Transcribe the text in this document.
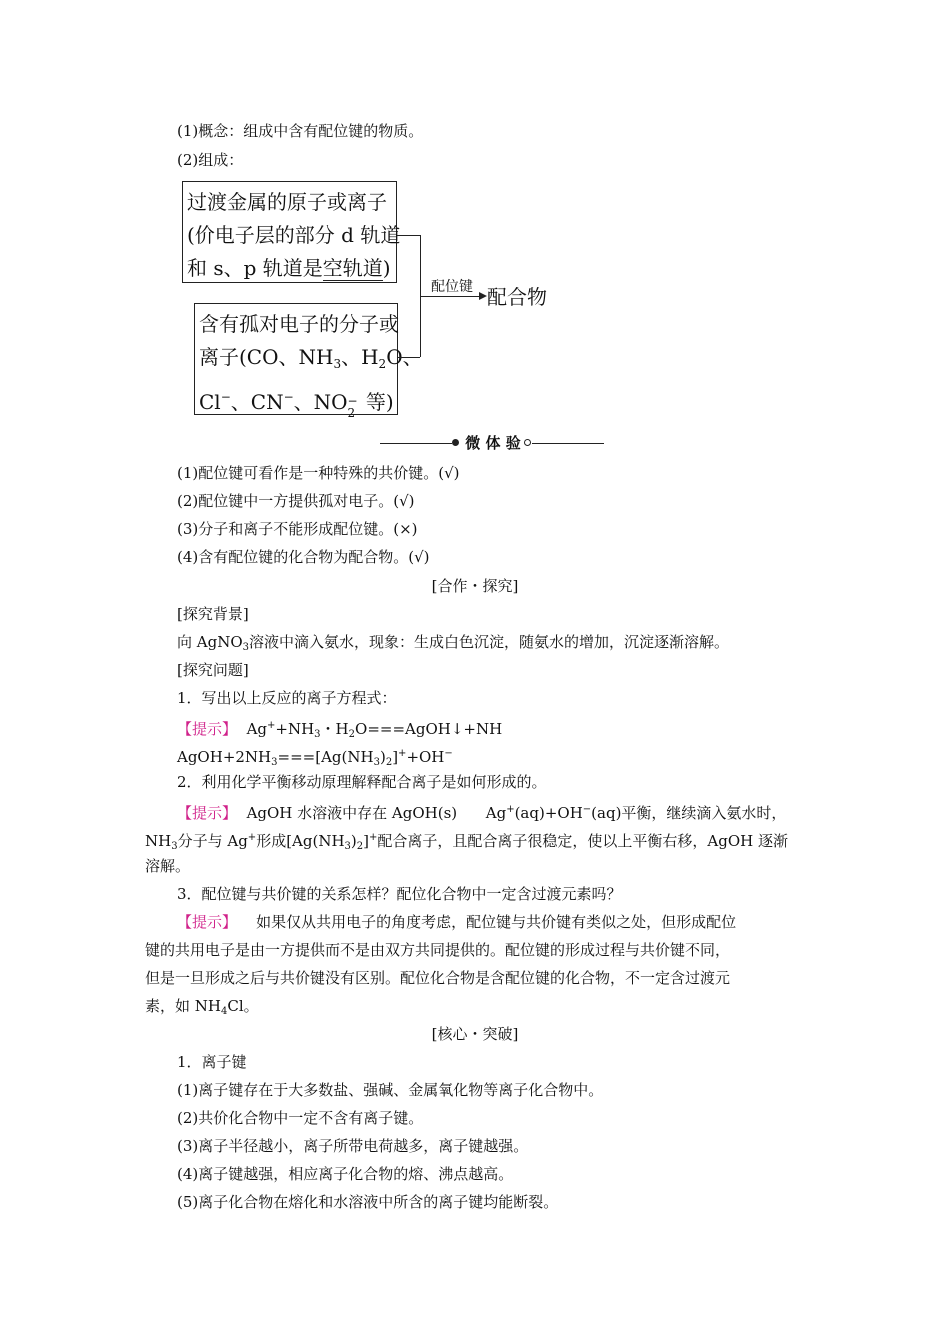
(1)概念：组成中含有配位键的物质。
(2)组成：
过渡金属的原子或离子
(价电子层的部分 d 轨道
和 s、p 轨道是空轨道)
含有孤对电子的分子或
离子(CO、$NH_3$、$H_2O$、
Cl−、CN−、NO −
2 等)
配位键 配合物
微 体 验
(1)配位键可看作是一种特殊的共价键。(√)
(2)配位键中一方提供孤对电子。(√)
(3)分子和离子不能形成配位键。(×)
(4)含有配位键的化合物为配合物。(√)
[合作・探究]
[探究背景]
向 AgNO$_3$溶液中滴入氨水，现象：生成白色沉淀，随氨水的增加，沉淀逐渐溶解。
[探究问题]
1．写出以上反应的离子方程式：
【提示】 $Ag^++NH_3$・$H_2O===AgOH↓+NH$
$AgOH+2NH_3===[Ag(NH_3)_2]^++OH^-$
2．利用化学平衡移动原理解释配合离子是如何形成的。
【提示】 AgOH 水溶液中存在 AgOH(s) Ag+(aq)+OH−(aq)平衡，继续滴入氨水时，
$NH_3$分子与 Ag+形成$[Ag(NH_3)_2]^+$配合离子，且配合离子很稳定，使以上平衡右移，AgOH 逐渐
溶解。
3．配位键与共价键的关系怎样？配位化合物中一定含过渡元素吗？
【提示】 如果仅从共用电子的角度考虑，配位键与共价键有类似之处，但形成配位
键的共用电子是由一方提供而不是由双方共同提供的。配位键的形成过程与共价键不同，
但是一旦形成之后与共价键没有区别。配位化合物是含配位键的化合物，不一定含过渡元
素，如 $NH_4Cl$。
[核心・突破]
1．离子键
(1)离子键存在于大多数盐、强碱、金属氧化物等离子化合物中。
(2)共价化合物中一定不含有离子键。
(3)离子半径越小，离子所带电荷越多，离子键越强。
(4)离子键越强，相应离子化合物的熔、沸点越高。
(5)离子化合物在熔化和水溶液中所含的离子键均能断裂。
